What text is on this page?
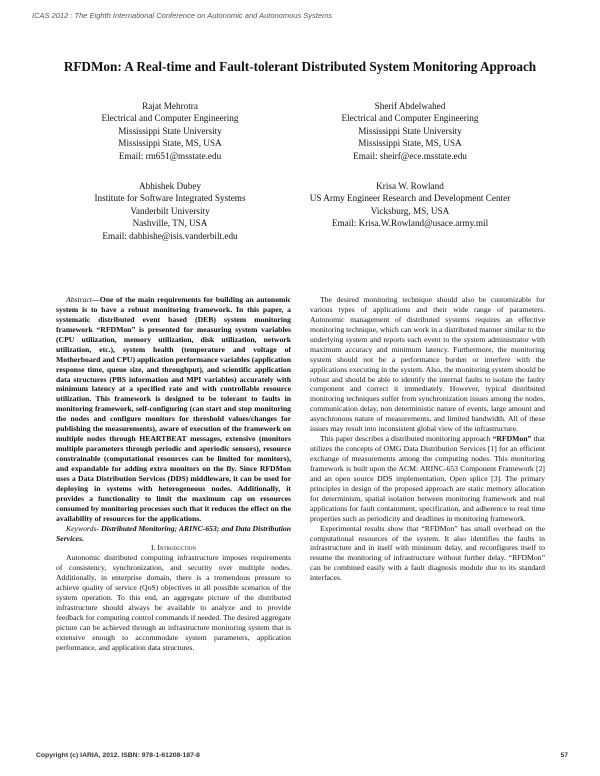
ICAS 2012 : The Eighth International Conference on Autonomic and Autonomous Systems
RFDMon: A Real-time and Fault-tolerant Distributed System Monitoring Approach
Rajat Mehrotra
Electrical and Computer Engineering
Mississippi State University
Mississippi State, MS, USA
Email: rm651@msstate.edu
Sherif Abdelwahed
Electrical and Computer Engineering
Mississippi State University
Mississippi State, MS, USA
Email: sheirf@ece.msstate.edu
Abhishek Dubey
Institute for Software Integrated Systems
Vanderbilt University
Nashville, TN, USA
Email: dabhishe@isis.vanderbilt.edu
Krisa W. Rowland
US Army Engineer Research and Development Center
Vicksburg, MS, USA
Email: Krisa.W.Rowland@usace.army.mil

Abstract—One of the main requirements for building an autonomic system is to have a robust monitoring framework. In this paper, a systematic distributed event based (DEB) system monitoring framework “RFDMon” is presented for measuring system variables (CPU utilization, memory utilization, disk utilization, network utilization, etc.), system health (temperature and voltage of Motherboard and CPU) application performance variables (application response time, queue size, and throughput), and scientific application data structures (PBS information and MPI variables) accurately with minimum latency at a specified rate and with controllable resource utilization. This framework is designed to be tolerant to faults in monitoring framework, self-configuring (can start and stop monitoring the nodes and configure monitors for threshold values/changes for publishing the measurements), aware of execution of the framework on multiple nodes through HEARTBEAT messages, extensive (monitors multiple parameters through periodic and aperiodic sensors), resource constrainable (computational resources can be limited for monitors), and expandable for adding extra monitors on the fly. Since RFDMon uses a Data Distribution Services (DDS) middleware, it can be used for deploying in systems with heterogeneous nodes. Additionally, it provides a functionality to limit the maximum cap on resources consumed by monitoring processes such that it reduces the effect on the availability of resources for the applications.

Keywords- Distributed Monitoring; ARINC-653; and Data Distribution Services.

I. Introduction

Autonomic distributed computing infrastructure imposes requirements of consistency, synchronization, and security over multiple nodes. Additionally, in enterprise domain, there is a tremendous pressure to achieve quality of service (QoS) objectives in all possible scenarios of the system operation. To this end, an aggregate picture of the distributed infrastructure should always be available to analyze and to provide feedback for computing control commands if needed. The desired aggregate picture can be achieved through an infrastructure monitoring system that is extensive enough to accommodate system parameters, application performance, and application data structures.

The desired monitoring technique should also be customizable for various types of applications and their wide range of parameters. Autonomic management of distributed systems requires an effective monitoring technique, which can work in a distributed manner similar to the underlying system and reports each event to the system administrator with maximum accuracy and minimum latency. Furthermore, the monitoring system should not be a performance burden or interfere with the applications executing in the system. Also, the monitoring system should be robust and should be able to identify the internal faults to isolate the faulty component and correct it immediately. However, typical distributed monitoring techniques suffer from synchronization issues among the nodes, communication delay, non deterministic nature of events, large amount and asynchronous nature of measurements, and limited bandwidth. All of these issues may result into inconsistent global view of the infrastructure.

This paper describes a distributed monitoring approach “RFDMon” that utilizes the concepts of OMG Data Distribution Services [1] for an efficient exchange of measurements among the computing nodes. This monitoring framework is built upon the ACM: ARINC-653 Component Framework [2] and an open source DDS implementation, Open splice [3]. The primary principles in design of the proposed approach are static memory allocation for determinism, spatial isolation between monitoring framework and real applications for fault containment, specification, and adherence to real time properties such as periodicity and deadlines in monitoring framework.

Experimental results show that “RFDMon” has small overhead on the computational resources of the system. It also identifies the faults in infrastructure and in itself with minimum delay, and reconfigures itself to resume the monitoring of infrastructure without further delay. “RFDMon” can be combined easily with a fault diagnosis module due to its standard interfaces.

Copyright (c) IARIA, 2012. ISBN: 978-1-61208-187-8	57
